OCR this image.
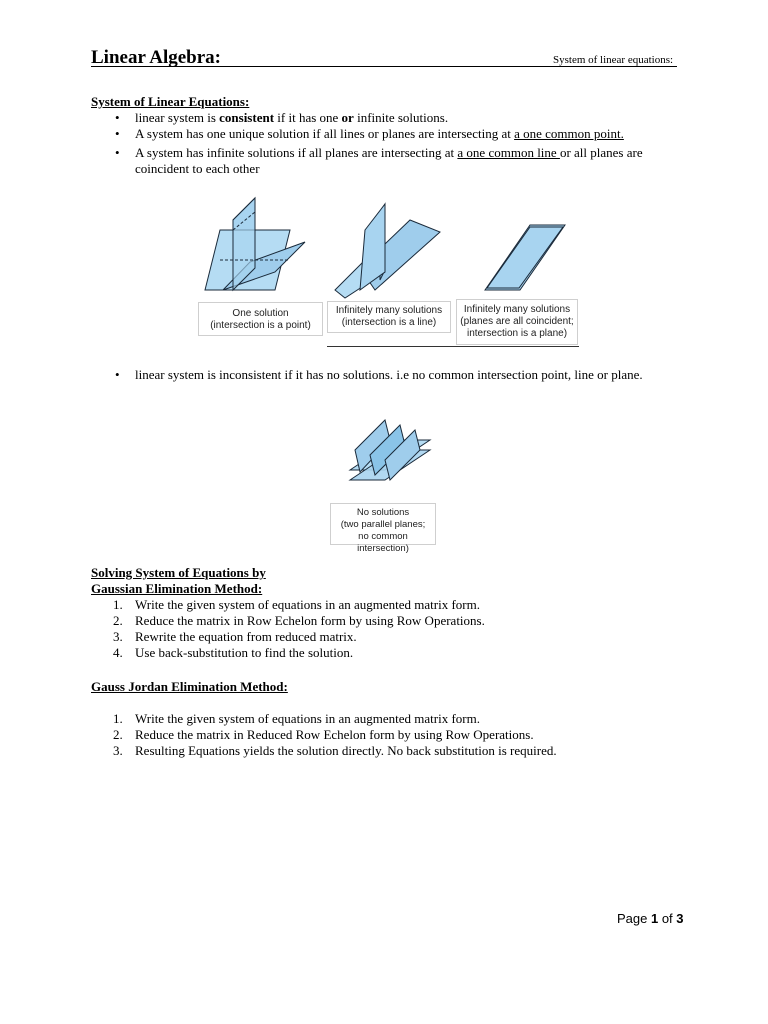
Linear Algebra:	System of linear equations:
System of Linear Equations:
• linear system is consistent if it has one or infinite solutions.
• A system has one unique solution if all lines or planes are intersecting at a one common point.
• A system has infinite solutions if all planes are intersecting at a one common line or all planes are
coincident to each other
One solution
(intersection is a point)
Infinitely many solutions
(intersection is a line)
Infinitely many solutions
(planes are all coincident;
intersection is a plane)
• linear system is inconsistent if it has no solutions. i.e no common intersection point, line or plane.
No solutions
(two parallel planes;
no common intersection)
Solving System of Equations by
Gaussian Elimination Method:
1. Write the given system of equations in an augmented matrix form.
2. Reduce the matrix in Row Echelon form by using Row Operations.
3. Rewrite the equation from reduced matrix.
4. Use back-substitution to find the solution.
Gauss Jordan Elimination Method:
1. Write the given system of equations in an augmented matrix form.
2. Reduce the matrix in Reduced Row Echelon form by using Row Operations.
3. Resulting Equations yields the solution directly. No back substitution is required.
Page 1 of 3
